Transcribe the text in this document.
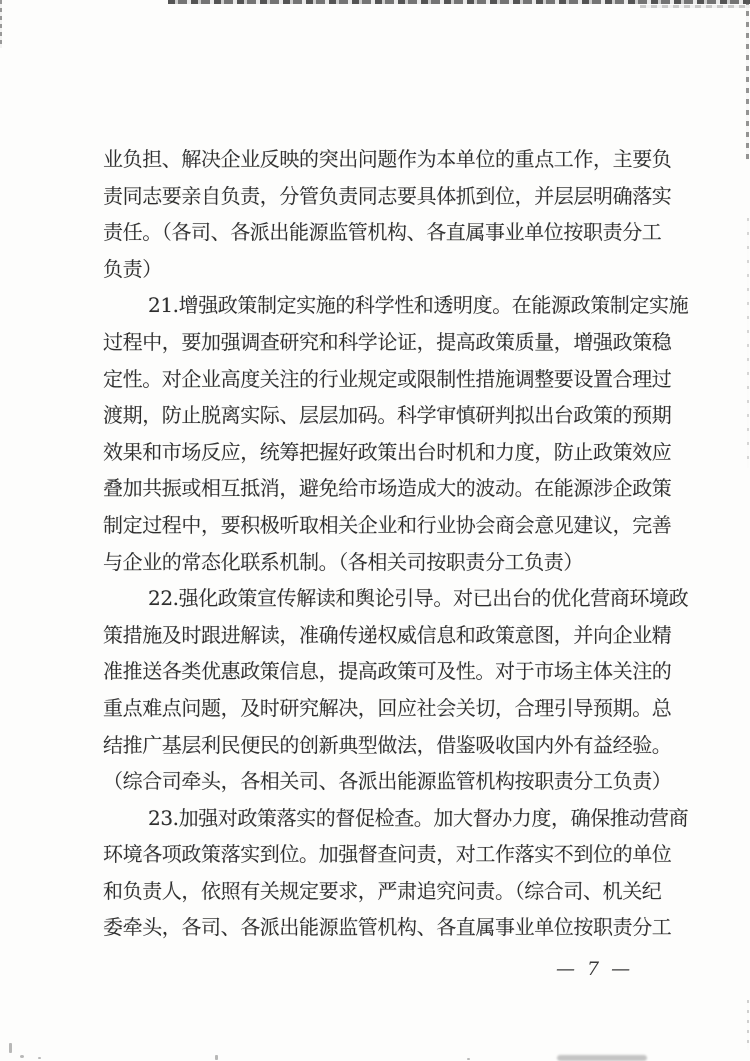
业负担、解决企业反映的突出问题作为本单位的重点工作，主要负
责同志要亲自负责，分管负责同志要具体抓到位，并层层明确落实
责任。（各司、各派出能源监管机构、各直属事业单位按职责分工
负责）
21.增强政策制定实施的科学性和透明度。在能源政策制定实施
过程中，要加强调查研究和科学论证，提高政策质量，增强政策稳
定性。对企业高度关注的行业规定或限制性措施调整要设置合理过
渡期，防止脱离实际、层层加码。科学审慎研判拟出台政策的预期
效果和市场反应，统筹把握好政策出台时机和力度，防止政策效应
叠加共振或相互抵消，避免给市场造成大的波动。在能源涉企政策
制定过程中，要积极听取相关企业和行业协会商会意见建议，完善
与企业的常态化联系机制。（各相关司按职责分工负责）
22.强化政策宣传解读和舆论引导。对已出台的优化营商环境政
策措施及时跟进解读，准确传递权威信息和政策意图，并向企业精
准推送各类优惠政策信息，提高政策可及性。对于市场主体关注的
重点难点问题，及时研究解决，回应社会关切，合理引导预期。总
结推广基层利民便民的创新典型做法，借鉴吸收国内外有益经验。
（综合司牵头，各相关司、各派出能源监管机构按职责分工负责）
23.加强对政策落实的督促检查。加大督办力度，确保推动营商
环境各项政策落实到位。加强督查问责，对工作落实不到位的单位
和负责人，依照有关规定要求，严肃追究问责。（综合司、机关纪
委牵头，各司、各派出能源监管机构、各直属事业单位按职责分工
— 7 —
